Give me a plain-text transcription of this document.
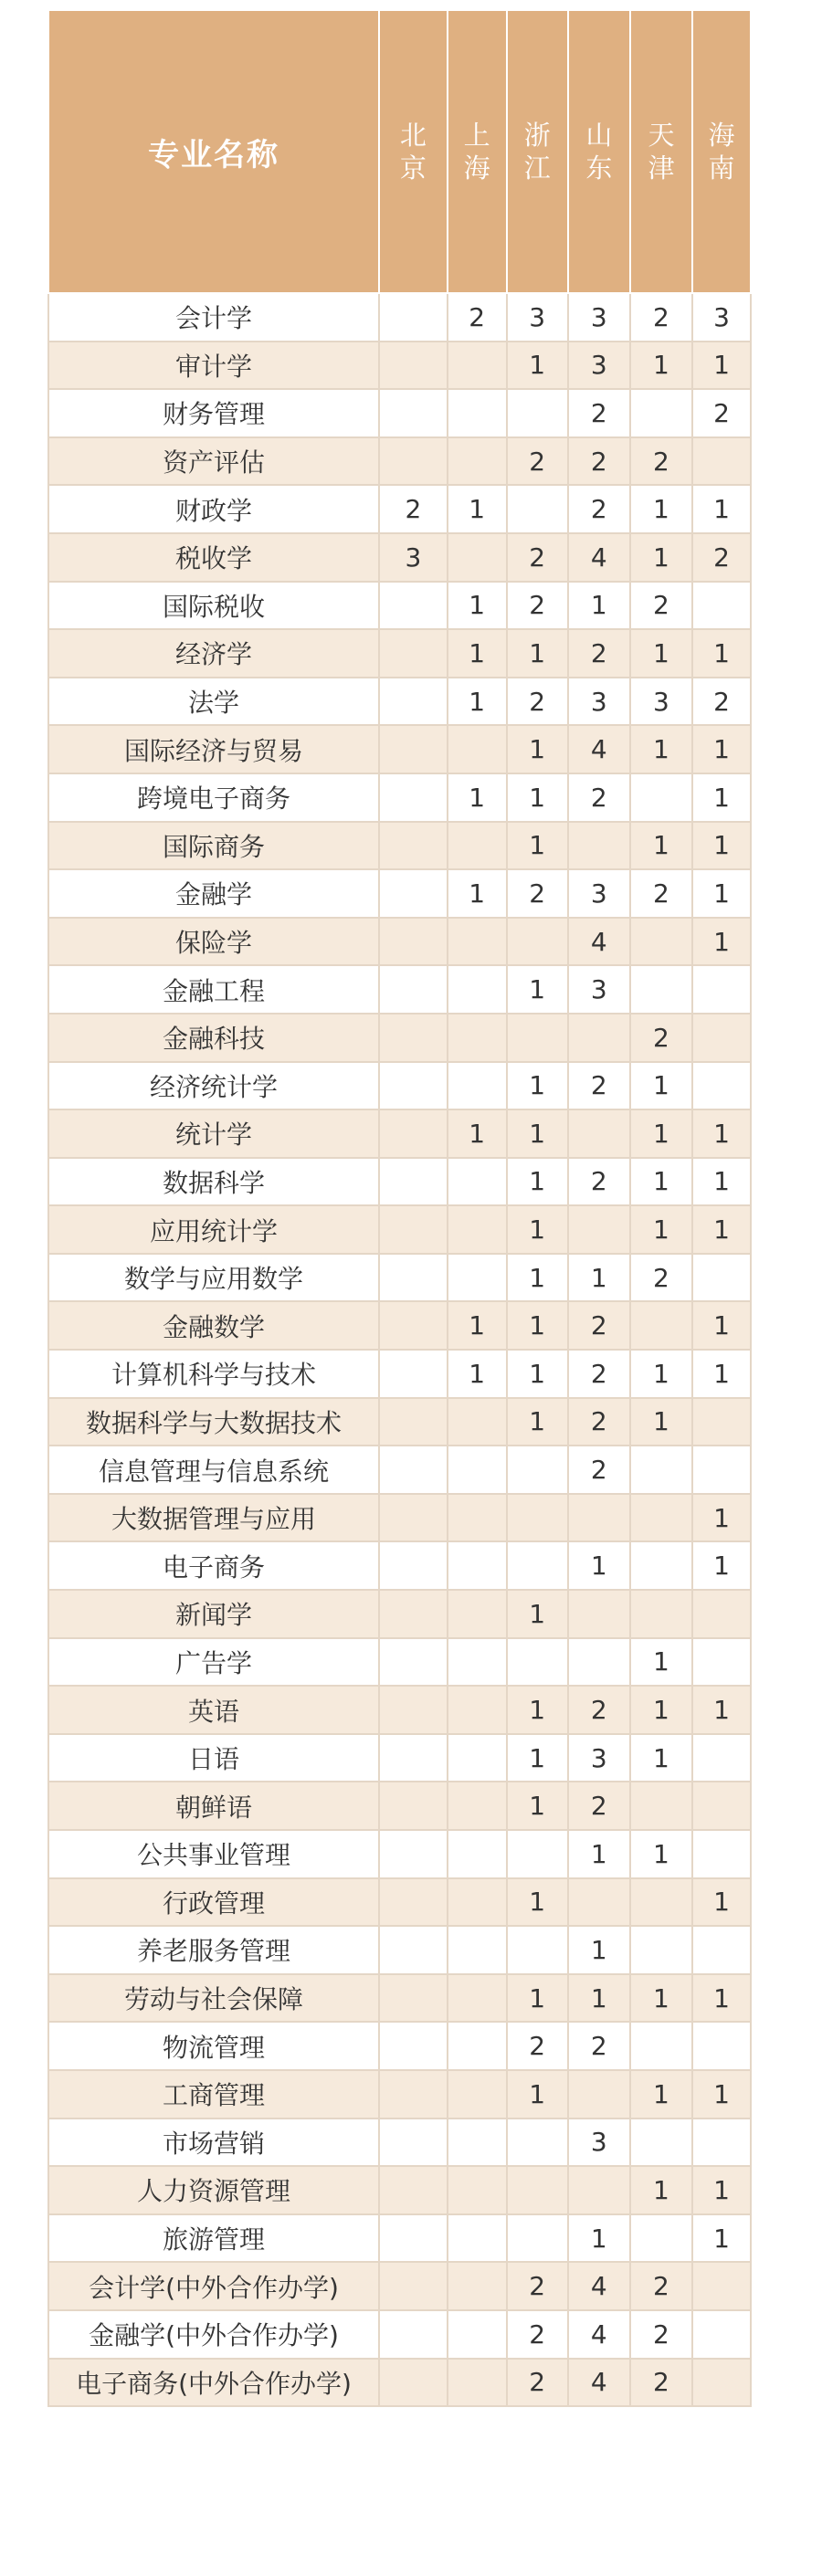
专业名称	北京	上海	浙江	山东	天津	海南
会计学		2	3	3	2	3
审计学			1	3	1	1
财务管理				2		2
资产评估			2	2	2	
财政学	2	1		2	1	1
税收学	3		2	4	1	2
国际税收		1	2	1	2	
经济学		1	1	2	1	1
法学		1	2	3	3	2
国际经济与贸易			1	4	1	1
跨境电子商务		1	1	2		1
国际商务			1		1	1
金融学		1	2	3	2	1
保险学				4		1
金融工程			1	3		
金融科技					2	
经济统计学			1	2	1	
统计学		1	1		1	1
数据科学			1	2	1	1
应用统计学			1		1	1
数学与应用数学			1	1	2	
金融数学		1	1	2		1
计算机科学与技术		1	1	2	1	1
数据科学与大数据技术			1	2	1	
信息管理与信息系统				2		
大数据管理与应用						1
电子商务				1		1
新闻学			1			
广告学					1	
英语			1	2	1	1
日语			1	3	1	
朝鲜语			1	2		
公共事业管理				1	1	
行政管理			1			1
养老服务管理				1		
劳动与社会保障			1	1	1	1
物流管理			2	2		
工商管理			1		1	1
市场营销				3		
人力资源管理					1	1
旅游管理				1		1
会计学(中外合作办学)			2	4	2	
金融学(中外合作办学)			2	4	2	
电子商务(中外合作办学)			2	4	2	
